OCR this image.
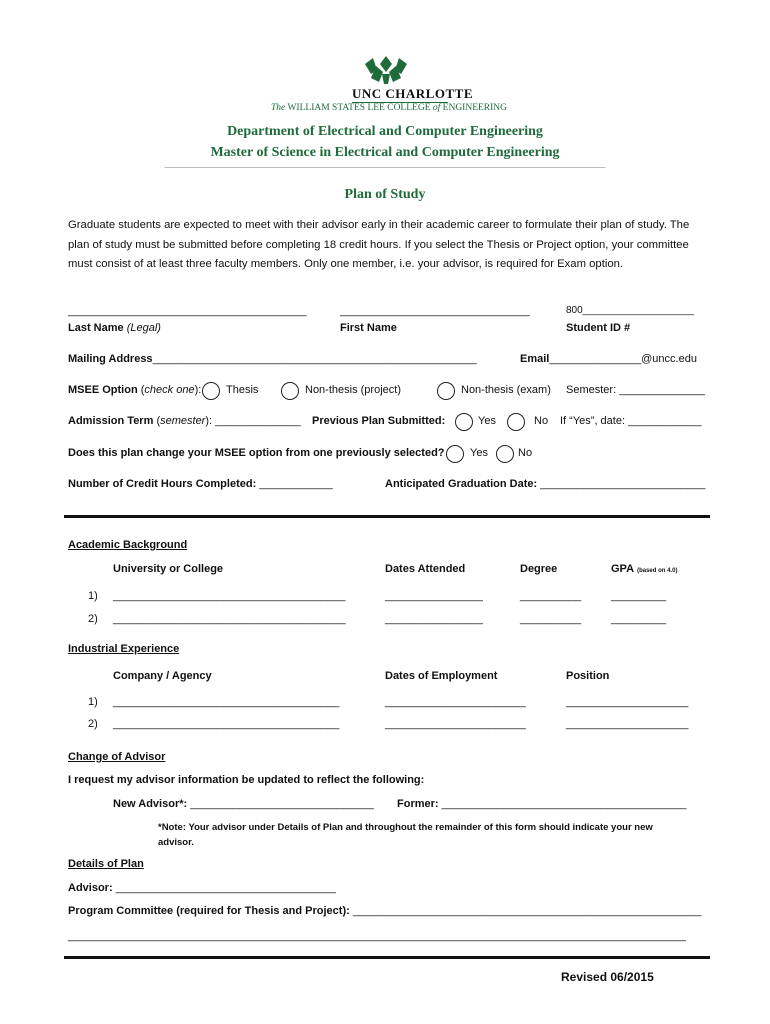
UNC CHARLOTTE
The WILLIAM STATES LEE COLLEGE of ENGINEERING
Department of Electrical and Computer Engineering
Master of Science in Electrical and Computer Engineering
________________________________________________________________________________________
Plan of Study
Graduate students are expected to meet with their advisor early in their academic career to formulate their plan of study. The plan of study must be submitted before completing 18 credit hours. If you select the Thesis or Project option, your committee must consist of at least three faculty members. Only one member, i.e. your advisor, is required for Exam option.
_______________________________________	_______________________________	800____________________
Last Name (Legal)	First Name	Student ID #
Mailing Address_____________________________________________________	Email_______________@uncc.edu
MSEE Option (check one): Thesis	Non-thesis (project)	Non-thesis (exam) Semester: ______________
Admission Term (semester): ______________ Previous Plan Submitted:	Yes	No If “Yes”, date: ____________
Does this plan change your MSEE option from one previously selected? Yes	No
Number of Credit Hours Completed: ____________	Anticipated Graduation Date: ___________________________
Academic Background
University or College	Dates Attended	Degree	GPA (based on 4.0)
1) ______________________________________	________________	__________	_________
2) ______________________________________	________________	__________	_________
Industrial Experience
Company / Agency	Dates of Employment	Position
1) _____________________________________	_______________________	____________________
2) _____________________________________	_______________________	____________________
Change of Advisor
I request my advisor information be updated to reflect the following:
New Advisor*: ______________________________ Former: ________________________________________
*Note: Your advisor under Details of Plan and throughout the remainder of this form should indicate your new
advisor.
Details of Plan
Advisor: ____________________________________
Program Committee (required for Thesis and Project): _________________________________________________________
_____________________________________________________________________________________________________
Revised 06/2015
